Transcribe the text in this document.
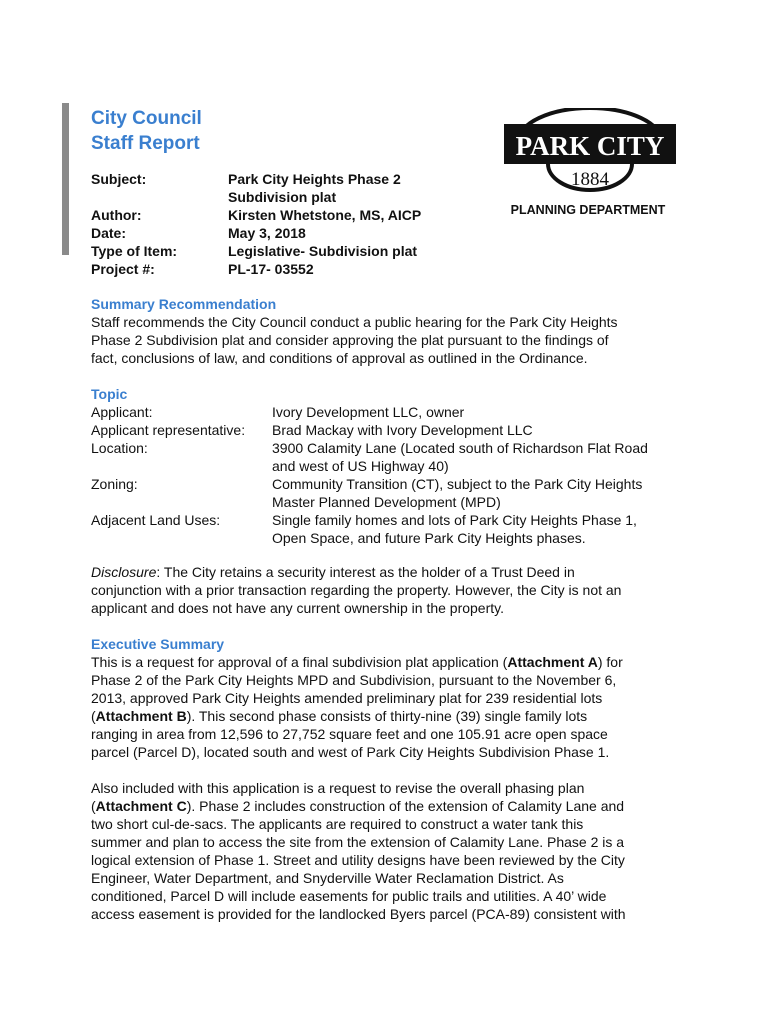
City Council
Staff Report
Subject:	Park City Heights Phase 2
Subdivision plat
Author:	Kirsten Whetstone, MS, AICP
Date:	May 3, 2018
Type of Item:	Legislative- Subdivision plat
Project #:	PL-17- 03552
PARK CITY
1884
PLANNING DEPARTMENT
Summary Recommendation

Staff recommends the City Council conduct a public hearing for the Park City Heights

Phase 2 Subdivision plat and consider approving the plat pursuant to the findings of

fact, conclusions of law, and conditions of approval as outlined in the Ordinance.

Topic
Applicant:	Ivory Development LLC, owner
Applicant representative:	Brad Mackay with Ivory Development LLC
Location:	3900 Calamity Lane (Located south of Richardson Flat Road
and west of US Highway 40)
Zoning:	Community Transition (CT), subject to the Park City Heights
Master Planned Development (MPD)
Adjacent Land Uses:	Single family homes and lots of Park City Heights Phase 1,
Open Space, and future Park City Heights phases.

Disclosure: The City retains a security interest as the holder of a Trust Deed in

conjunction with a prior transaction regarding the property. However, the City is not an

applicant and does not have any current ownership in the property.

Executive Summary

This is a request for approval of a final subdivision plat application (Attachment A) for

Phase 2 of the Park City Heights MPD and Subdivision, pursuant to the November 6,

2013, approved Park City Heights amended preliminary plat for 239 residential lots

(Attachment B). This second phase consists of thirty-nine (39) single family lots

ranging in area from 12,596 to 27,752 square feet and one 105.91 acre open space

parcel (Parcel D), located south and west of Park City Heights Subdivision Phase 1.

Also included with this application is a request to revise the overall phasing plan

(Attachment C). Phase 2 includes construction of the extension of Calamity Lane and

two short cul-de-sacs. The applicants are required to construct a water tank this

summer and plan to access the site from the extension of Calamity Lane. Phase 2 is a

logical extension of Phase 1. Street and utility designs have been reviewed by the City

Engineer, Water Department, and Snyderville Water Reclamation District. As

conditioned, Parcel D will include easements for public trails and utilities. A 40’ wide

access easement is provided for the landlocked Byers parcel (PCA-89) consistent with
